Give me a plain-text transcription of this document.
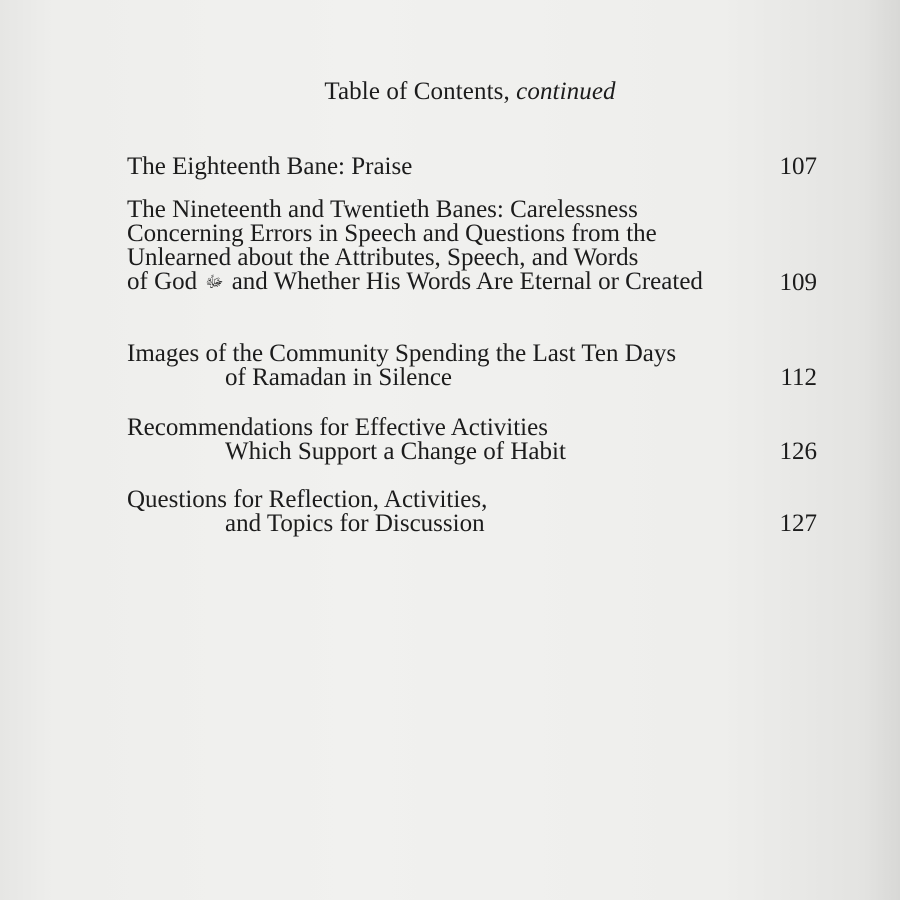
Table of Contents, continued
The Eighteenth Bane: Praise	107
The Nineteenth and Twentieth Banes: Carelessness
Concerning Errors in Speech and Questions from the
Unlearned about the Attributes, Speech, and Words
of God ﷻ and Whether His Words Are Eternal or Created	109
Images of the Community Spending the Last Ten Days
of Ramadan in Silence	112
Recommendations for Effective Activities
Which Support a Change of Habit	126
Questions for Reflection, Activities,
and Topics for Discussion	127
